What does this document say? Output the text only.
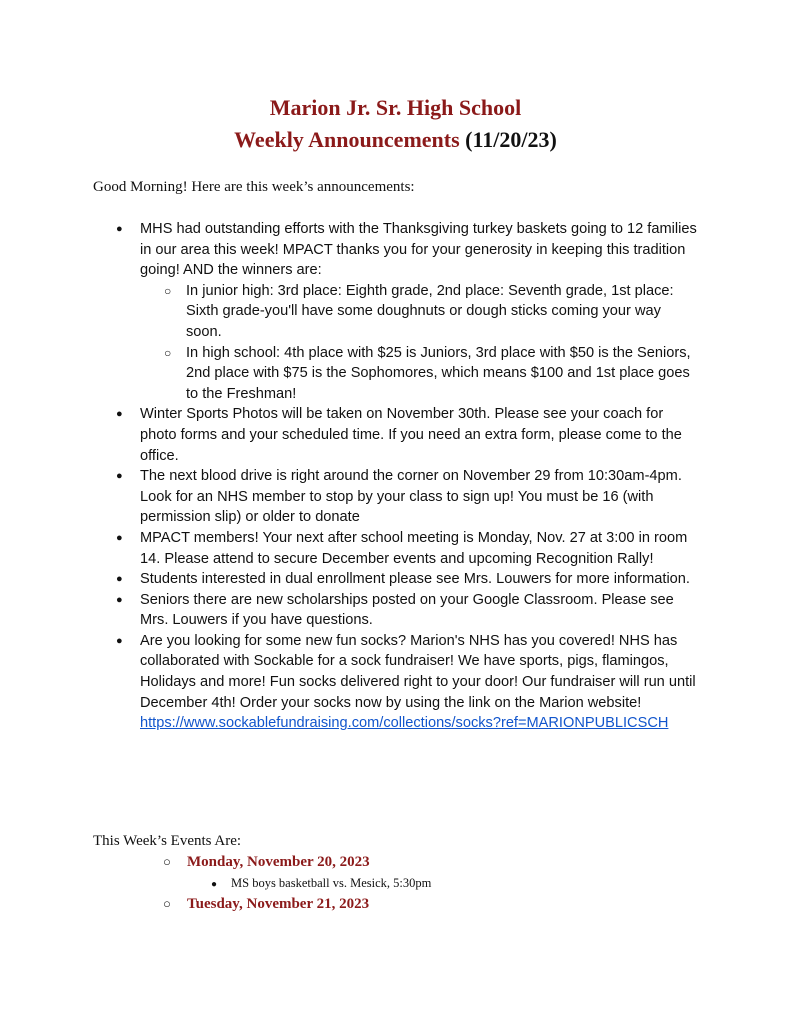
Marion Jr. Sr. High School
Weekly Announcements (11/20/23)
Good Morning! Here are this week’s announcements:
● MHS had outstanding efforts with the Thanksgiving turkey baskets going to 12 families in our area this week! MPACT thanks you for your generosity in keeping this tradition going! AND the winners are:
○ In junior high: 3rd place: Eighth grade, 2nd place: Seventh grade, 1st place: Sixth grade-you'll have some doughnuts or dough sticks coming your way soon.
○ In high school: 4th place with $25 is Juniors, 3rd place with $50 is the Seniors, 2nd place with $75 is the Sophomores, which means $100 and 1st place goes to the Freshman!
● Winter Sports Photos will be taken on November 30th. Please see your coach for photo forms and your scheduled time. If you need an extra form, please come to the office.
● The next blood drive is right around the corner on November 29 from 10:30am-4pm. Look for an NHS member to stop by your class to sign up! You must be 16 (with permission slip) or older to donate
● MPACT members! Your next after school meeting is Monday, Nov. 27 at 3:00 in room 14. Please attend to secure December events and upcoming Recognition Rally!
● Students interested in dual enrollment please see Mrs. Louwers for more information.
● Seniors there are new scholarships posted on your Google Classroom. Please see Mrs. Louwers if you have questions.
● Are you looking for some new fun socks? Marion's NHS has you covered! NHS has collaborated with Sockable for a sock fundraiser! We have sports, pigs, flamingos, Holidays and more! Fun socks delivered right to your door! Our fundraiser will run until December 4th! Order your socks now by using the link on the Marion website!
https://www.sockablefundraising.com/collections/socks?ref=MARIONPUBLICSCH
This Week’s Events Are:
○ Monday, November 20, 2023
● MS boys basketball vs. Mesick, 5:30pm
○ Tuesday, November 21, 2023
